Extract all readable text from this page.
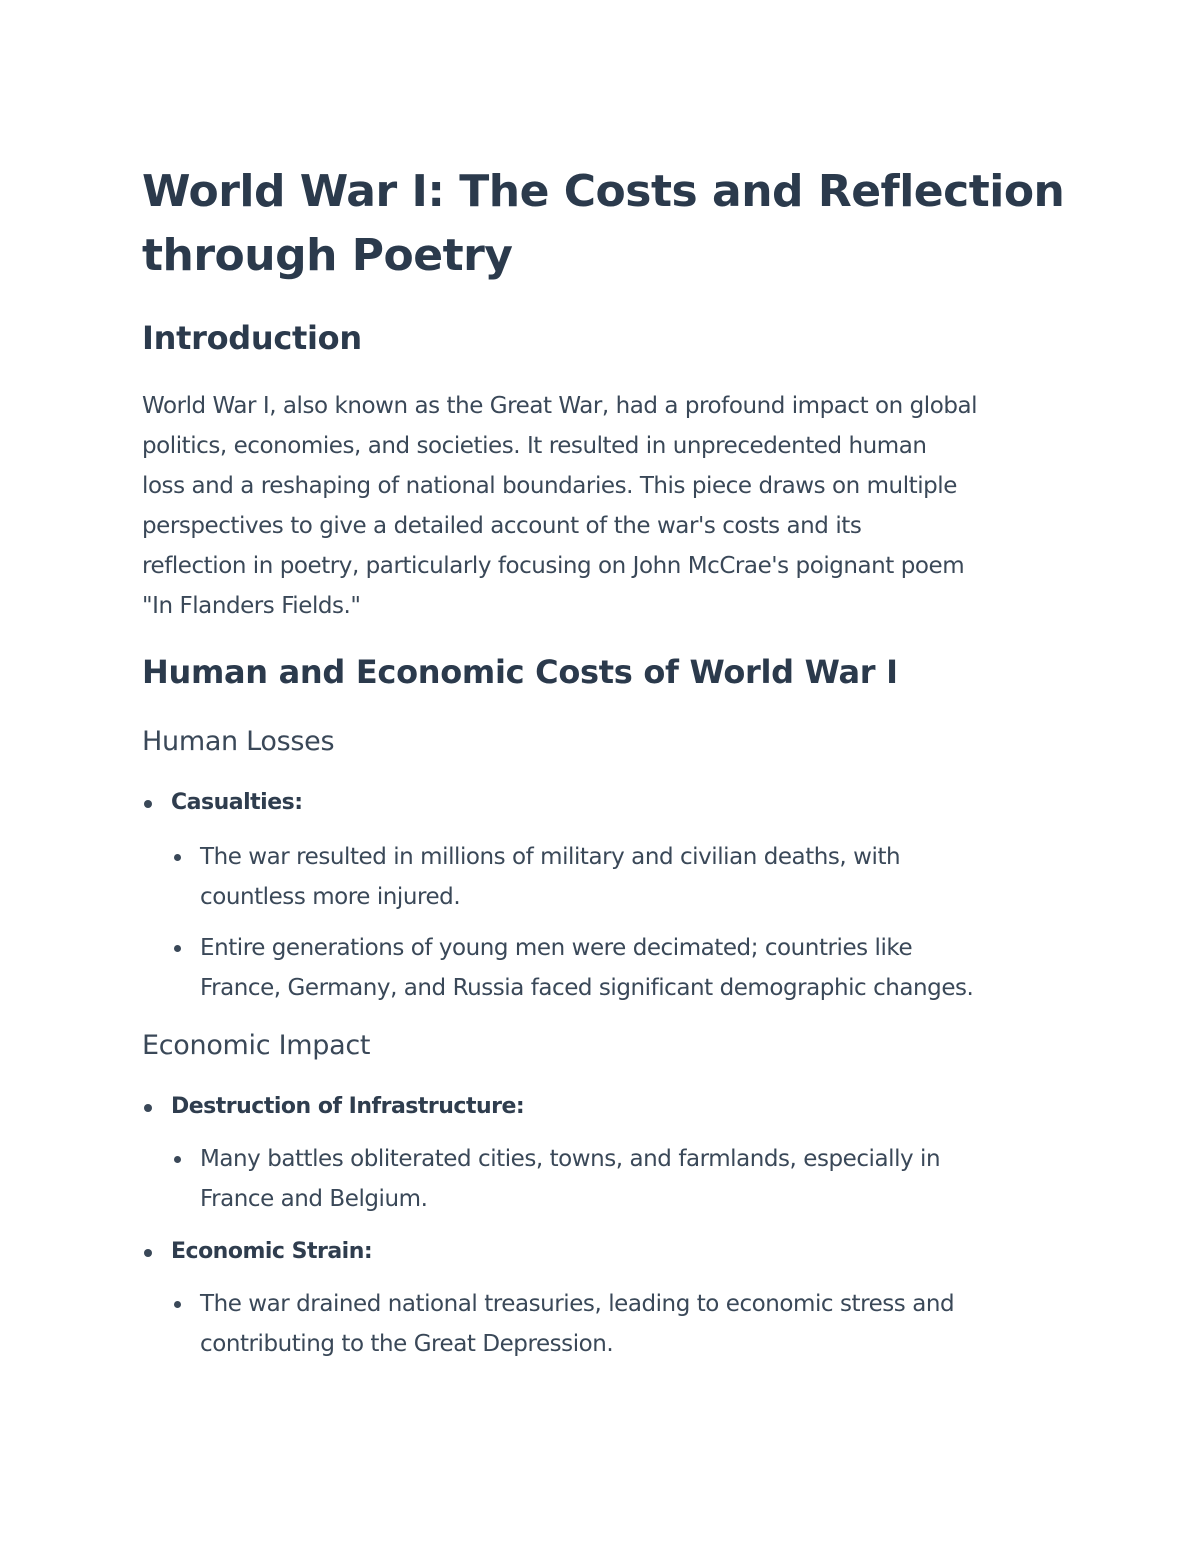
World War I: The Costs and Reflection
through Poetry
Introduction

World War I, also known as the Great War, had a profound impact on global
politics, economies, and societies. It resulted in unprecedented human
loss and a reshaping of national boundaries. This piece draws on multiple
perspectives to give a detailed account of the war's costs and its
reflection in poetry, particularly focusing on John McCrae's poignant poem
"In Flanders Fields."

Human and Economic Costs of World War I
Human Losses
Casualties:

The war resulted in millions of military and civilian deaths, with
countless more injured.

Entire generations of young men were decimated; countries like
France, Germany, and Russia faced significant demographic changes.

Economic Impact
Destruction of Infrastructure:

Many battles obliterated cities, towns, and farmlands, especially in
France and Belgium.

Economic Strain:

The war drained national treasuries, leading to economic stress and
contributing to the Great Depression.
